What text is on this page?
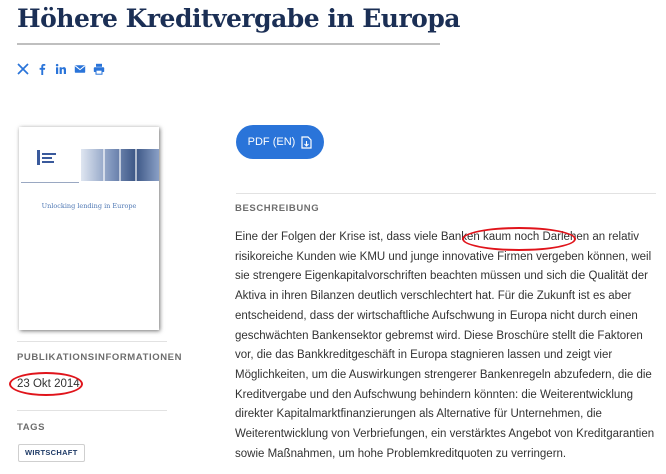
Höhere Kreditvergabe in Europa
Unlocking lending in Europe
PUBLIKATIONSINFORMATIONEN
23 Okt 2014
TAGS
WIRTSCHAFT
PDF (EN)
BESCHREIBUNG

Eine der Folgen der Krise ist, dass viele Banken kaum noch Darlehen an relativ risikoreiche Kunden wie KMU und junge innovative Firmen vergeben können, weil sie strengere Eigenkapitalvorschriften beachten müssen und sich die Qualität der Aktiva in ihren Bilanzen deutlich verschlechtert hat. Für die Zukunft ist es aber entscheidend, dass der wirtschaftliche Aufschwung in Europa nicht durch einen geschwächten Bankensektor gebremst wird. Diese Broschüre stellt die Faktoren vor, die das Bankkreditgeschäft in Europa stagnieren lassen und zeigt vier Möglichkeiten, um die Auswirkungen strengerer Bankenregeln abzufedern, die die Kreditvergabe und den Aufschwung behindern könnten: die Weiterentwicklung direkter Kapitalmarktfinanzierungen als Alternative für Unternehmen, die Weiterentwicklung von Verbriefungen, ein verstärktes Angebot von Kreditgarantien sowie Maßnahmen, um hohe Problemkreditquoten zu verringern.
